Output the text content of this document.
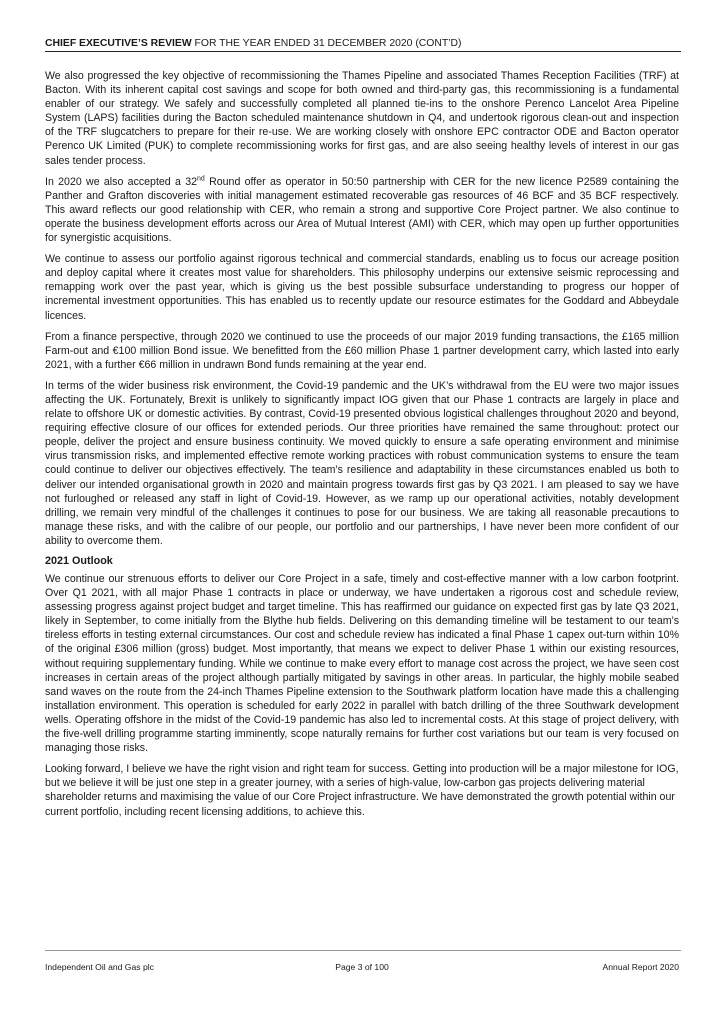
CHIEF EXECUTIVE’S REVIEW FOR THE YEAR ENDED 31 DECEMBER 2020 (CONT’D)

We also progressed the key objective of recommissioning the Thames Pipeline and associated Thames Reception Facilities (TRF) at Bacton. With its inherent capital cost savings and scope for both owned and third-party gas, this recommissioning is a fundamental enabler of our strategy. We safely and successfully completed all planned tie-ins to the onshore Perenco Lancelot Area Pipeline System (LAPS) facilities during the Bacton scheduled maintenance shutdown in Q4, and undertook rigorous clean-out and inspection of the TRF slugcatchers to prepare for their re-use. We are working closely with onshore EPC contractor ODE and Bacton operator Perenco UK Limited (PUK) to complete recommissioning works for first gas, and are also seeing healthy levels of interest in our gas sales tender process.

In 2020 we also accepted a 32nd Round offer as operator in 50:50 partnership with CER for the new licence P2589 containing the Panther and Grafton discoveries with initial management estimated recoverable gas resources of 46 BCF and 35 BCF respectively. This award reflects our good relationship with CER, who remain a strong and supportive Core Project partner. We also continue to operate the business development efforts across our Area of Mutual Interest (AMI) with CER, which may open up further opportunities for synergistic acquisitions.

We continue to assess our portfolio against rigorous technical and commercial standards, enabling us to focus our acreage position and deploy capital where it creates most value for shareholders. This philosophy underpins our extensive seismic reprocessing and remapping work over the past year, which is giving us the best possible subsurface understanding to progress our hopper of incremental investment opportunities. This has enabled us to recently update our resource estimates for the Goddard and Abbeydale licences.

From a finance perspective, through 2020 we continued to use the proceeds of our major 2019 funding transactions, the £165 million Farm-out and €100 million Bond issue. We benefitted from the £60 million Phase 1 partner development carry, which lasted into early 2021, with a further €66 million in undrawn Bond funds remaining at the year end.

In terms of the wider business risk environment, the Covid-19 pandemic and the UK’s withdrawal from the EU were two major issues affecting the UK. Fortunately, Brexit is unlikely to significantly impact IOG given that our Phase 1 contracts are largely in place and relate to offshore UK or domestic activities. By contrast, Covid-19 presented obvious logistical challenges throughout 2020 and beyond, requiring effective closure of our offices for extended periods. Our three priorities have remained the same throughout: protect our people, deliver the project and ensure business continuity. We moved quickly to ensure a safe operating environment and minimise virus transmission risks, and implemented effective remote working practices with robust communication systems to ensure the team could continue to deliver our objectives effectively. The team’s resilience and adaptability in these circumstances enabled us both to deliver our intended organisational growth in 2020 and maintain progress towards first gas by Q3 2021. I am pleased to say we have not furloughed or released any staff in light of Covid-19. However, as we ramp up our operational activities, notably development drilling, we remain very mindful of the challenges it continues to pose for our business. We are taking all reasonable precautions to manage these risks, and with the calibre of our people, our portfolio and our partnerships, I have never been more confident of our ability to overcome them.

2021 Outlook

We continue our strenuous efforts to deliver our Core Project in a safe, timely and cost-effective manner with a low carbon footprint. Over Q1 2021, with all major Phase 1 contracts in place or underway, we have undertaken a rigorous cost and schedule review, assessing progress against project budget and target timeline. This has reaffirmed our guidance on expected first gas by late Q3 2021, likely in September, to come initially from the Blythe hub fields. Delivering on this demanding timeline will be testament to our team’s tireless efforts in testing external circumstances. Our cost and schedule review has indicated a final Phase 1 capex out-turn within 10% of the original £306 million (gross) budget. Most importantly, that means we expect to deliver Phase 1 within our existing resources, without requiring supplementary funding. While we continue to make every effort to manage cost across the project, we have seen cost increases in certain areas of the project although partially mitigated by savings in other areas. In particular, the highly mobile seabed sand waves on the route from the 24-inch Thames Pipeline extension to the Southwark platform location have made this a challenging installation environment. This operation is scheduled for early 2022 in parallel with batch drilling of the three Southwark development wells. Operating offshore in the midst of the Covid-19 pandemic has also led to incremental costs. At this stage of project delivery, with the five-well drilling programme starting imminently, scope naturally remains for further cost variations but our team is very focused on managing those risks.

Looking forward, I believe we have the right vision and right team for success. Getting into production will be a major milestone for IOG, but we believe it will be just one step in a greater journey, with a series of high-value, low-carbon gas projects delivering material shareholder returns and maximising the value of our Core Project infrastructure. We have demonstrated the growth potential within our current portfolio, including recent licensing additions, to achieve this.

Independent Oil and Gas plc	Page 3 of 100	Annual Report 2020
